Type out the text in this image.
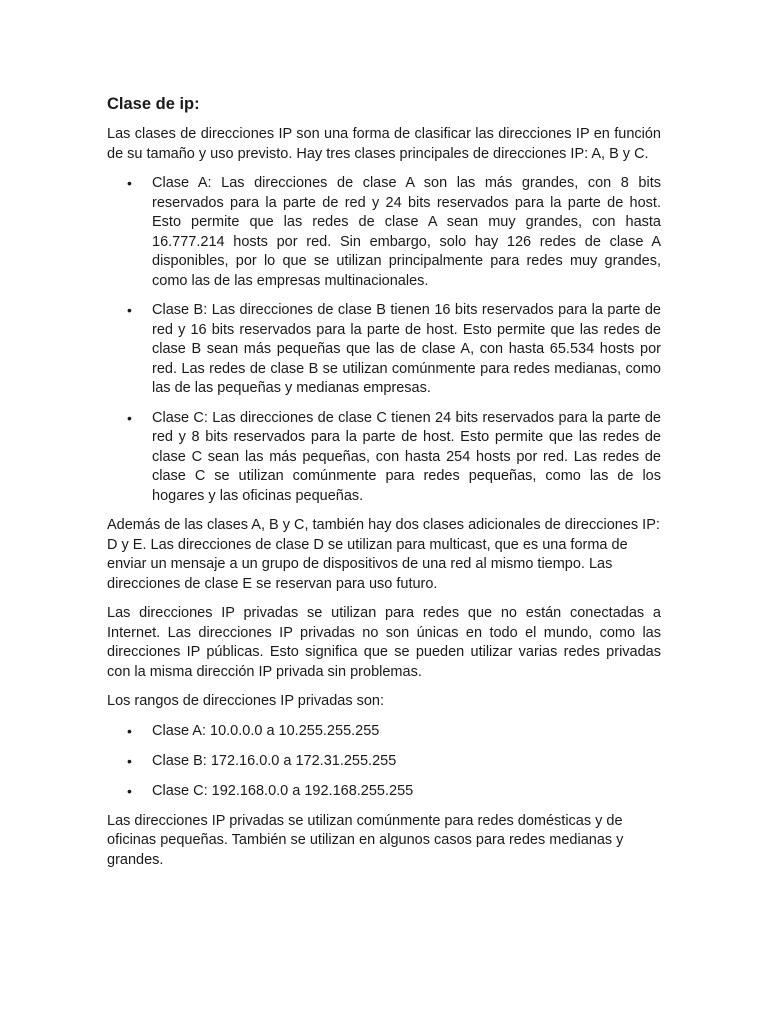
Clase de ip:

Las clases de direcciones IP son una forma de clasificar las direcciones IP en función de su tamaño y uso previsto. Hay tres clases principales de direcciones IP: A, B y C.

• Clase A: Las direcciones de clase A son las más grandes, con 8 bits reservados para la parte de red y 24 bits reservados para la parte de host. Esto permite que las redes de clase A sean muy grandes, con hasta 16.777.214 hosts por red. Sin embargo, solo hay 126 redes de clase A disponibles, por lo que se utilizan principalmente para redes muy grandes, como las de las empresas multinacionales.
• Clase B: Las direcciones de clase B tienen 16 bits reservados para la parte de red y 16 bits reservados para la parte de host. Esto permite que las redes de clase B sean más pequeñas que las de clase A, con hasta 65.534 hosts por red. Las redes de clase B se utilizan comúnmente para redes medianas, como las de las pequeñas y medianas empresas.
• Clase C: Las direcciones de clase C tienen 24 bits reservados para la parte de red y 8 bits reservados para la parte de host. Esto permite que las redes de clase C sean las más pequeñas, con hasta 254 hosts por red. Las redes de clase C se utilizan comúnmente para redes pequeñas, como las de los hogares y las oficinas pequeñas.

Además de las clases A, B y C, también hay dos clases adicionales de direcciones IP: D y E. Las direcciones de clase D se utilizan para multicast, que es una forma de enviar un mensaje a un grupo de dispositivos de una red al mismo tiempo. Las direcciones de clase E se reservan para uso futuro.

Las direcciones IP privadas se utilizan para redes que no están conectadas a Internet. Las direcciones IP privadas no son únicas en todo el mundo, como las direcciones IP públicas. Esto significa que se pueden utilizar varias redes privadas con la misma dirección IP privada sin problemas.

Los rangos de direcciones IP privadas son:

• Clase A: 10.0.0.0 a 10.255.255.255
• Clase B: 172.16.0.0 a 172.31.255.255
• Clase C: 192.168.0.0 a 192.168.255.255

Las direcciones IP privadas se utilizan comúnmente para redes domésticas y de oficinas pequeñas. También se utilizan en algunos casos para redes medianas y grandes.
